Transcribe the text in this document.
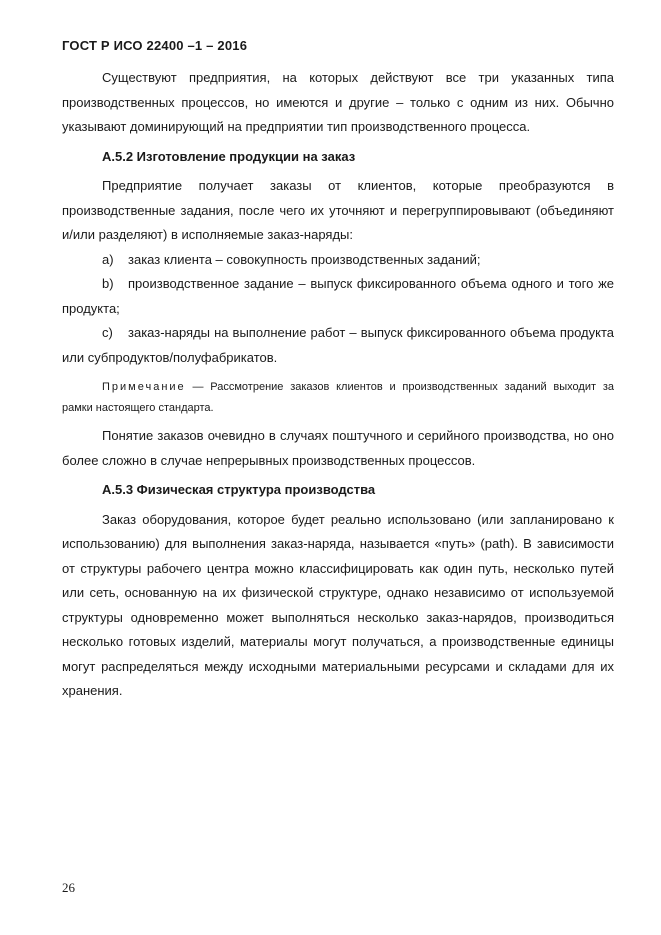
ГОСТ Р ИСО 22400 –1 – 2016

Существуют предприятия, на которых действуют все три указанных типа производственных процессов, но имеются и другие – только с одним из них. Обычно указывают доминирующий на предприятии тип производственного процесса.

А.5.2 Изготовление продукции на заказ

Предприятие получает заказы от клиентов, которые преобразуются в производственные задания, после чего их уточняют и перегруппировывают (объединяют и/или разделяют) в исполняемые заказ-наряды:

а) заказ клиента – совокупность производственных заданий;

b) производственное задание – выпуск фиксированного объема одного и того же продукта;

с) заказ-наряды на выполнение работ – выпуск фиксированного объема продукта или субпродуктов/полуфабрикатов.

Примечание — Рассмотрение заказов клиентов и производственных заданий выходит за рамки настоящего стандарта.

Понятие заказов очевидно в случаях поштучного и серийного производства, но оно более сложно в случае непрерывных производственных процессов.

А.5.3 Физическая структура производства

Заказ оборудования, которое будет реально использовано (или запланировано к использованию) для выполнения заказ-наряда, называется «путь» (path). В зависимости от структуры рабочего центра можно классифицировать как один путь, несколько путей или сеть, основанную на их физической структуре, однако независимо от используемой структуры одновременно может выполняться несколько заказ-нарядов, производиться несколько готовых изделий, материалы могут получаться, а производственные единицы могут распределяться между исходными материальными ресурсами и складами для их хранения.

26
